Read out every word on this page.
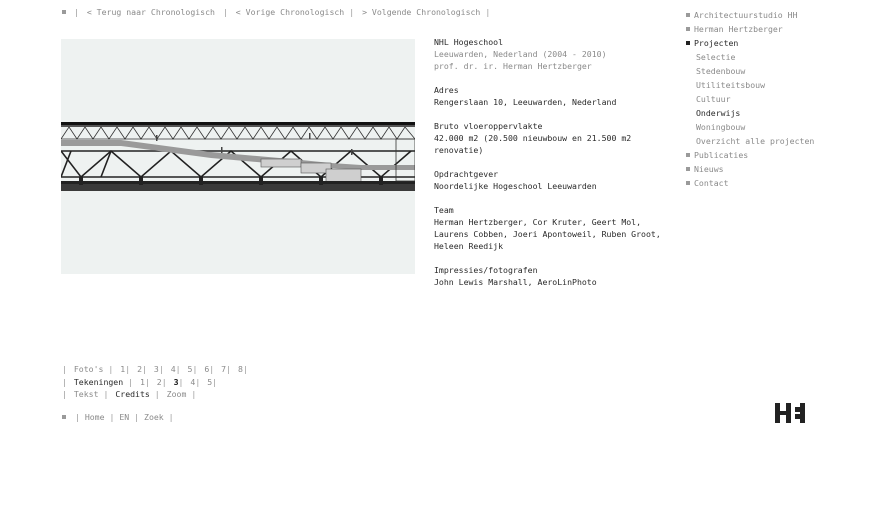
| < Terug naar Chronologisch | < Vorige Chronologisch | > Volgende Chronologisch |
NHL Hogeschool
Leeuwarden, Nederland (2004 - 2010)
prof. dr. ir. Herman Hertzberger
Adres
Rengerslaan 10, Leeuwarden, Nederland
Bruto vloeroppervlakte
42.000 m2 (20.500 nieuwbouw en 21.500 m2 renovatie)
Opdrachtgever
Noordelijke Hogeschool Leeuwarden
Team
Herman Hertzberger, Cor Kruter, Geert Mol, Laurens Cobben, Joeri Apontoweil, Ruben Groot, Heleen Reedijk
Impressies/fotografen
John Lewis Marshall, AeroLinPhoto
Architectuurstudio HH
Herman Hertzberger
Projecten
Selectie
Stedenbouw
Utiliteitsbouw
Cultuur
Onderwijs
Woningbouw
Overzicht alle projecten
Publicaties
Nieuws
Contact
| Foto's | 1| 2| 3| 4| 5| 6| 7| 8|
| Tekeningen | 1| 2| 3| 4| 5|
| Tekst | Credits | Zoom |
| Home | EN | Zoek |
